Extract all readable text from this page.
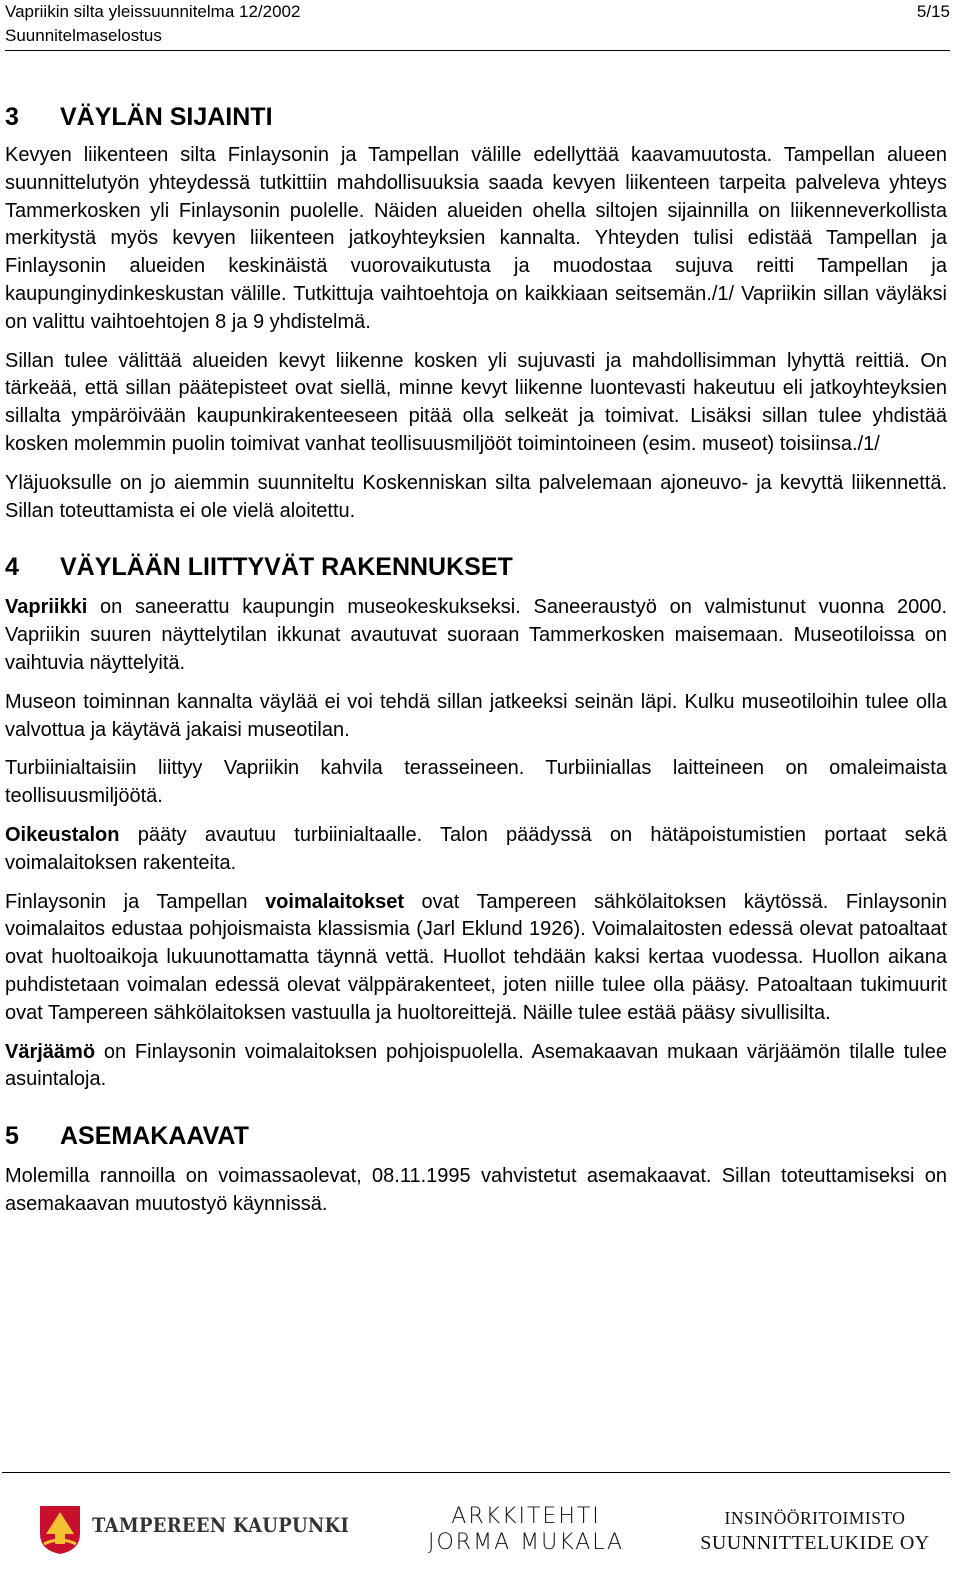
Vapriikin silta yleissuunnitelma 12/2002	5/15
Suunnitelmaselostus
3	VÄYLÄN SIJAINTI

Kevyen liikenteen silta Finlaysonin ja Tampellan välille edellyttää kaavamuutosta. Tampellan alueen suunnittelutyön yhteydessä tutkittiin mahdollisuuksia saada kevyen liikenteen tarpeita palveleva yhteys Tammerkosken yli Finlaysonin puolelle. Näiden alueiden ohella siltojen sijainnilla on liikenneverkollista merkitystä myös kevyen liikenteen jatkoyhteyksien kannalta. Yhteyden tulisi edistää Tampellan ja Finlaysonin alueiden keskinäistä vuorovaikutusta ja muodostaa sujuva reitti Tampellan ja kaupunginydinkeskustan välille. Tutkittuja vaihtoehtoja on kaikkiaan seitsemän./1/ Vapriikin sillan väyläksi on valittu vaihtoehtojen 8 ja 9 yhdistelmä.

Sillan tulee välittää alueiden kevyt liikenne kosken yli sujuvasti ja mahdollisimman lyhyttä reittiä. On tärkeää, että sillan päätepisteet ovat siellä, minne kevyt liikenne luontevasti hakeutuu eli jatkoyhteyksien sillalta ympäröivään kaupunkirakenteeseen pitää olla selkeät ja toimivat. Lisäksi sillan tulee yhdistää kosken molemmin puolin toimivat vanhat teollisuusmiljööt toimintoineen (esim. museot) toisiinsa./1/

Yläjuoksulle on jo aiemmin suunniteltu Koskenniskan silta palvelemaan ajoneuvo- ja kevyttä liikennettä. Sillan toteuttamista ei ole vielä aloitettu.

4	VÄYLÄÄN LIITTYVÄT RAKENNUKSET

Vapriikki on saneerattu kaupungin museokeskukseksi. Saneeraustyö on valmistunut vuonna 2000. Vapriikin suuren näyttelytilan ikkunat avautuvat suoraan Tammerkosken maisemaan. Museotiloissa on vaihtuvia näyttelyitä.

Museon toiminnan kannalta väylää ei voi tehdä sillan jatkeeksi seinän läpi. Kulku museotiloihin tulee olla valvottua ja käytävä jakaisi museotilan.

Turbiinialtaisiin liittyy Vapriikin kahvila terasseineen. Turbiiniallas laitteineen on omaleimaista teollisuusmiljöötä.

Oikeustalon pääty avautuu turbiinialtaalle. Talon päädyssä on hätäpoistumistien portaat sekä voimalaitoksen rakenteita.

Finlaysonin ja Tampellan voimalaitokset ovat Tampereen sähkölaitoksen käytössä. Finlaysonin voimalaitos edustaa pohjoismaista klassismia (Jarl Eklund 1926). Voimalaitosten edessä olevat patoaltaat ovat huoltoaikoja lukuunottamatta täynnä vettä. Huollot tehdään kaksi kertaa vuodessa. Huollon aikana puhdistetaan voimalan edessä olevat välppärakenteet, joten niille tulee olla pääsy. Patoaltaan tukimuurit ovat Tampereen sähkölaitoksen vastuulla ja huoltoreittejä. Näille tulee estää pääsy sivullisilta.

Värjäämö on Finlaysonin voimalaitoksen pohjoispuolella. Asemakaavan mukaan värjäämön tilalle tulee asuintaloja.

5	ASEMAKAAVAT

Molemilla rannoilla on voimassaolevat, 08.11.1995 vahvistetut asemakaavat. Sillan toteuttamiseksi on asemakaavan muutostyö käynnissä.

TAMPEREEN KAUPUNKI	ARKKITEHTI
JORMA MUKALA
INSINÖÖRITOIMISTO
SUUNNITTELUKIDE OY
